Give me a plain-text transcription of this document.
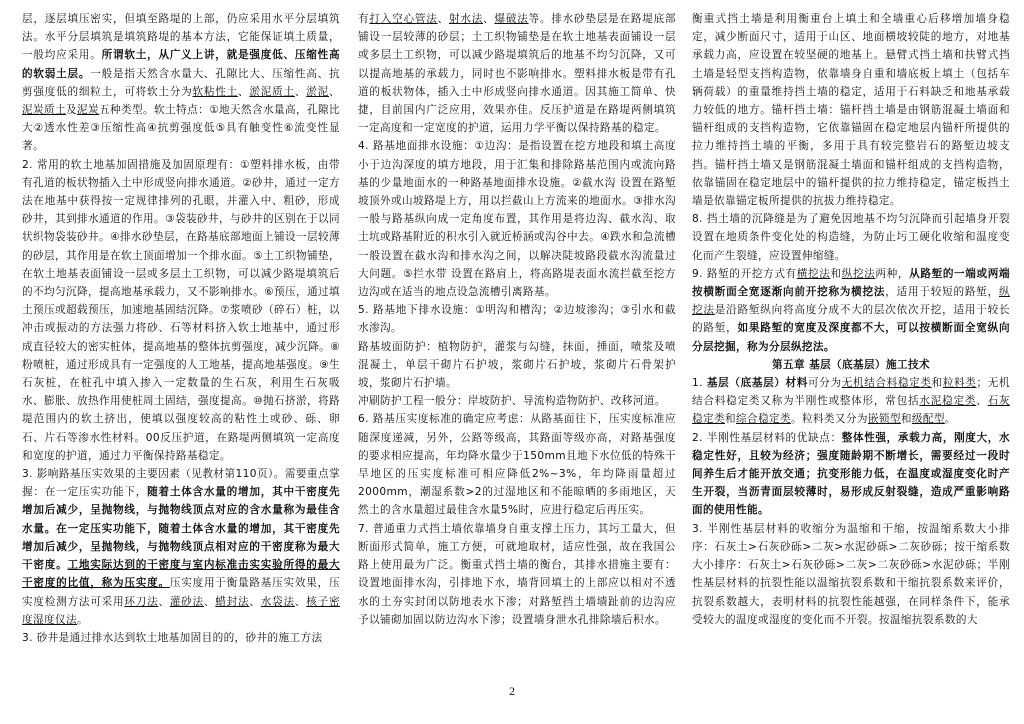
层，逐层填压密实，但填至路堤的上部，仍应采用水平分层填筑法。水平分层填筑是填筑路堤的基本方法，它能保证填土质量，一般均应采用。所谓软土，从广义上讲，就是强度低、压缩性高的软弱土层。一般是指天然含水量大、孔隙比大、压缩性高、抗剪强度低的细粒土，可将软土分为软粘性土、淤泥质土、淤泥、泥炭质土及泥炭五种类型。软土特点：①地天然含水量高，孔隙比大②透水性差③压缩性高④抗剪强度低⑤具有触变性⑥流变性显著。

2. 常用的软土地基加固措施及加固原理有：①塑料排水板，由带有孔道的板状物插入土中形成竖向排水通道。②砂井，通过一定方法在地基中获得按一定规律排列的孔眼，并灌入中、粗砂，形成砂井，其到排水通道的作用。③袋装砂井，与砂井的区别在于以同状织物袋装砂井。④排水砂垫层，在路基底部地面上铺设一层较薄的砂层，其作用是在软土顶面增加一个排水面。⑤土工织物铺垫，在软土地基表面铺设一层或多层土工织物，可以减少路堤填筑后的不均匀沉降，提高地基承载力，又不影响排水。⑥预压，通过填土预压或超载预压，加速地基固结沉降。⑦浆喷砂（碎石）桩，以冲击或振动的方法强力将砂、石等材料挤入软土地基中，通过形成直径较大的密实桩体，提高地基的整体抗剪强度，减少沉降。⑧粉喷桩，通过形成具有一定强度的人工地基，提高地基强度。⑨生石灰桩，在桩孔中填入掺入一定数量的生石灰，利用生石灰吸水、膨胀、放热作用使桩周土固结，强度提高。⑩抛石挤淤，将路堤范围内的软土挤出，使填以强度较高的粘性土或砂、砾、卵石、片石等渗水性材料。00反压护道，在路堤两侧填筑一定高度和宽度的护道，通过力平衡保持路基稳定。

3. 影响路基压实效果的主要因素（见教材第110页）。需要重点掌握：在一定压实功能下，随着土体含水量的增加，其中干密度先增加后减少，呈抛物线，与抛物线顶点对应的含水量称为最佳含水量。在一定压实功能下，随着土体含水量的增加，其干密度先增加后减少，呈抛物线，与抛物线顶点相对应的干密度称为最大干密度。工地实际达到的干密度与室内标准击实实验所得的最大干密度的比值，称为压实度。压实度用于衡量路基压实效果，压实度检测方法可采用环刀法、灌砂法、蜡封法、水袋法、核子密度湿度仪法。

3. 砂井是通过排水达到软土地基加固目的的，砂井的施工方法

有打入空心管法、射水法、爆破法等。排水砂垫层是在路堤底部铺设一层较薄的砂层；土工织物铺垫是在软土地基表面铺设一层或多层土工织物，可以减少路堤填筑后的地基不均匀沉降，又可以提高地基的承载力，同时也不影响排水。塑料排水板是带有孔道的板状物体，插入土中形成竖向排水通道。因其施工简单、快捷，目前国内广泛应用，效果亦佳。反压护道是在路堤两侧填筑一定高度和一定宽度的护道，运用力学平衡以保持路基的稳定。

4. 路基地面排水设施：①边沟：是指设置在挖方地段和填土高度小于边沟深度的填方地段，用于汇集和排除路基范围内或流向路基的少量地面水的一种路基地面排水设施。②截水沟 设置在路堑坡顶外或山坡路堤上方，用以拦截山上方流来的地面水。③排水沟 一般与路基纵向成一定角度布置，其作用是将边沟、截水沟、取土坑或路基附近的积水引入就近桥涵或沟谷中去。④跌水和急流槽 一般设置在截水沟和排水沟之间，以解决陡坡路段截水沟流量过大问题。⑤拦水带 设置在路肩上，将高路堤表面水流拦截至挖方边沟或在适当的地点设急流槽引离路基。

5. 路基地下排水设施：①明沟和槽沟；②边坡渗沟；③引水和截水渗沟。

路基坡面防护：植物防护，灌浆与勾缝，抹面，捶面，喷浆及喷混凝土，单层干砌片石护坡，浆砌片石护坡，浆砌片石骨架护坡，浆砌片石护墙。

冲刷防护工程一般分：岸坡防护、导流构造物防护、改移河道。

6. 路基压实度标准的确定应考虑：从路基面往下，压实度标准应随深度递减，另外，公路等级高，其路面等级亦高，对路基强度的要求相应提高，年均降水量少于150mm且地下水位低的特殊干旱地区的压实度标准可相应降低2%~3%，年均降雨量超过2000mm，潮湿系数>2的过湿地区和不能晾晒的多雨地区，天然土的含水量超过最佳含水量5%时，应进行稳定后再压实。

7. 普通重力式挡土墙依靠墙身自重支撑土压力，其圬工量大，但断面形式简单，施工方便，可就地取材，适应性强，故在我国公路上使用最为广泛。衡重式挡土墙的衡台，其排水措施主要有：设置地面排水沟，引排地下水，墙背回填土的上部应以相对不透水的土夯实封闭以防地表水下渗；对路堑挡土墙墙趾前的边沟应予以铺砌加固以防边沟水下渗；设置墙身泄水孔排除墙后积水。

衡重式挡土墙是利用衡重台上填土和全墙重心后移增加墙身稳定，减少断面尺寸，适用于山区、地面横坡较陡的地方，对地基承载力高，应设置在较坚硬的地基上。悬臂式挡土墙和扶臂式挡土墙是轻型支挡构造物，依靠墙身自重和墙底板上填土（包括车辆荷载）的重量维持挡土墙的稳定，适用于石料缺乏和地基承载力较低的地方。锚杆挡土墙：锚杆挡土墙是由钢筋混凝土墙面和锚杆组成的支挡构造物，它依靠锚固在稳定地层内锚杆所提供的拉力维持挡土墙的平衡，多用于具有较完整岩石的路堑边坡支挡。锚杆挡土墙又是钢筋混凝土墙面和锚杆组成的支挡构造物，依靠锚固在稳定地层中的锚杆提供的拉力维持稳定，锚定板挡土墙是依靠锚定板所提供的抗拔力维持稳定。

8. 挡土墙的沉降缝是为了避免因地基不均匀沉降而引起墙身开裂设置在地质条件变化处的构造缝，为防止圬工硬化收缩和温度变化而产生裂缝，应设置伸缩缝。

9. 路堑的开挖方式有横挖法和纵挖法两种，从路堑的一端或两端按横断面全宽逐渐向前开挖称为横挖法，适用于较短的路堑，纵挖法是沿路堑纵向将高度分成不大的层次依次开挖，适用于较长的路堑，如果路堑的宽度及深度都不大，可以按横断面全宽纵向分层挖掘，称为分层纵挖法。

第五章 基层（底基层）施工技术

1. 基层（底基层）材料可分为无机结合料稳定类和粒料类；无机结合料稳定类又称为半刚性或整体形，常包括水泥稳定类、石灰稳定类和综合稳定类。粒料类又分为嵌锁型和级配型。

2. 半刚性基层材料的优缺点：整体性强，承载力高，刚度大，水稳定性好，且较为经济；强度随龄期不断增长，需要经过一段时间养生后才能开放交通；抗变形能力低，在温度或湿度变化时产生开裂，当沥青面层较薄时，易形成反射裂缝，造成严重影响路面的使用性能。

3. 半刚性基层材料的收缩分为温缩和干缩，按温缩系数大小排序：石灰土>石灰砂砾>二灰>水泥砂砾>二灰砂砾；按干缩系数大小排序：石灰土>石灰砂砾>二灰>二灰砂砾>水泥砂砾；半刚性基层材料的抗裂性能以温缩抗裂系数和干缩抗裂系数来评价，抗裂系数越大，表明材料的抗裂性能越强，在同样条件下，能承受较大的温度或湿度的变化而不开裂。按温缩抗裂系数的大

2
